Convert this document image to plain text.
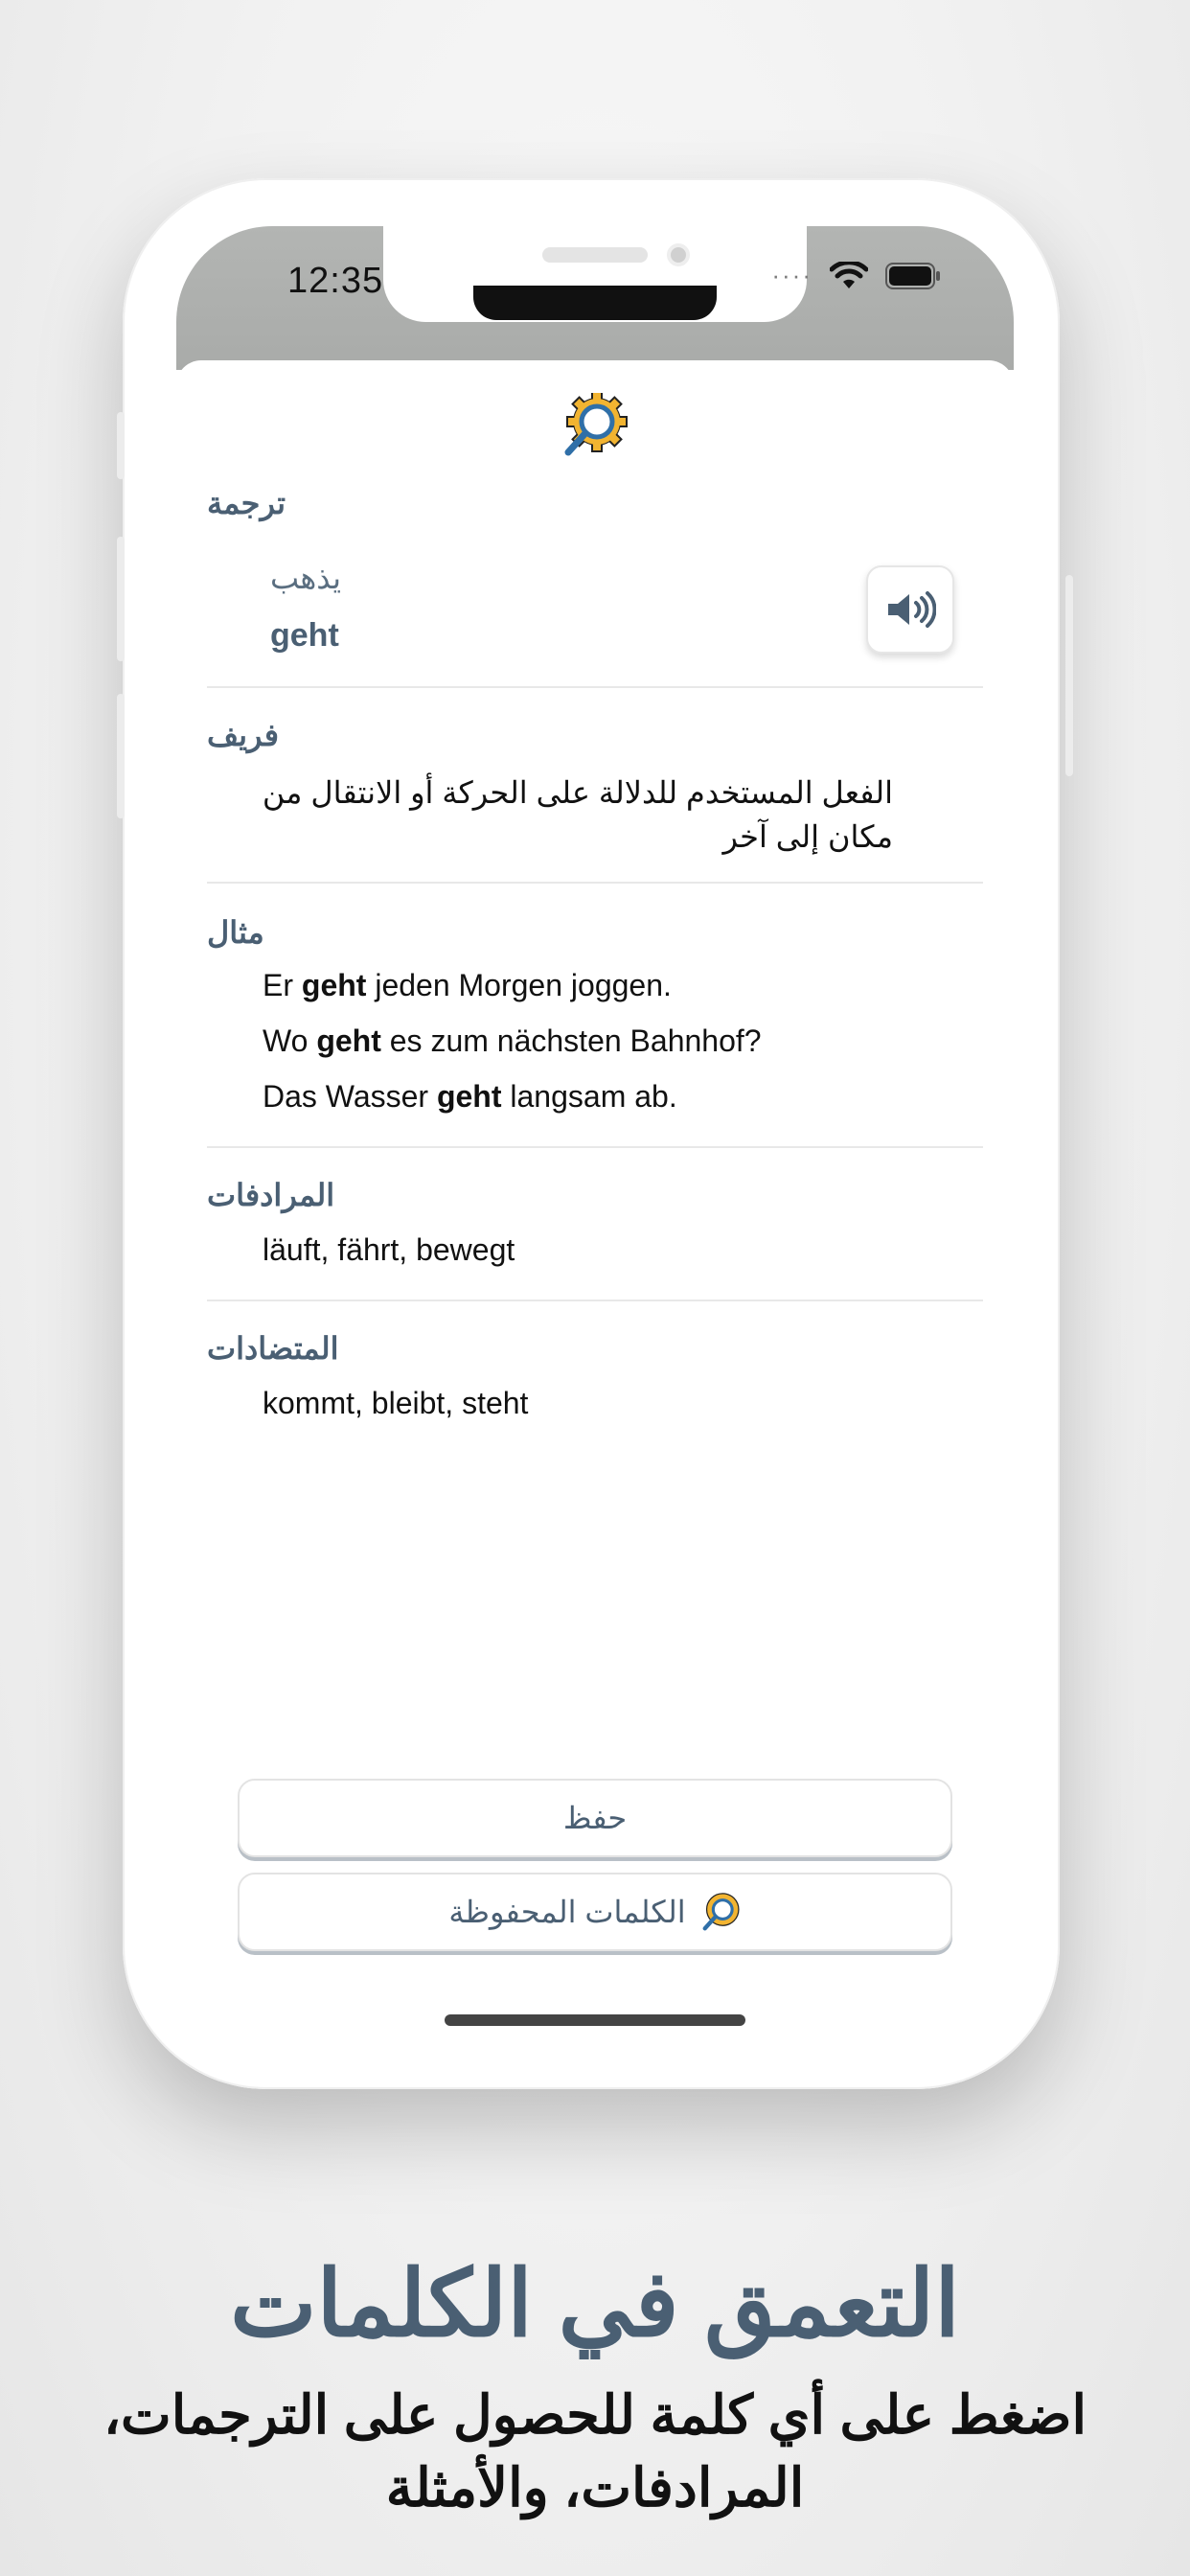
12:35	····
ترجمة
يذهب
geht
فريف
الفعل المستخدم للدلالة على الحركة أو الانتقال من مكان إلى آخر
مثال
Er geht jeden Morgen joggen.
Wo geht es zum nächsten Bahnhof?
Das Wasser geht langsam ab.
المرادفات
läuft, fährt, bewegt
المتضادات
kommt, bleibt, steht
حفظ
الكلمات المحفوظة
التعمق في الكلمات
اضغط على أي كلمة للحصول على الترجمات،
المرادفات، والأمثلة
